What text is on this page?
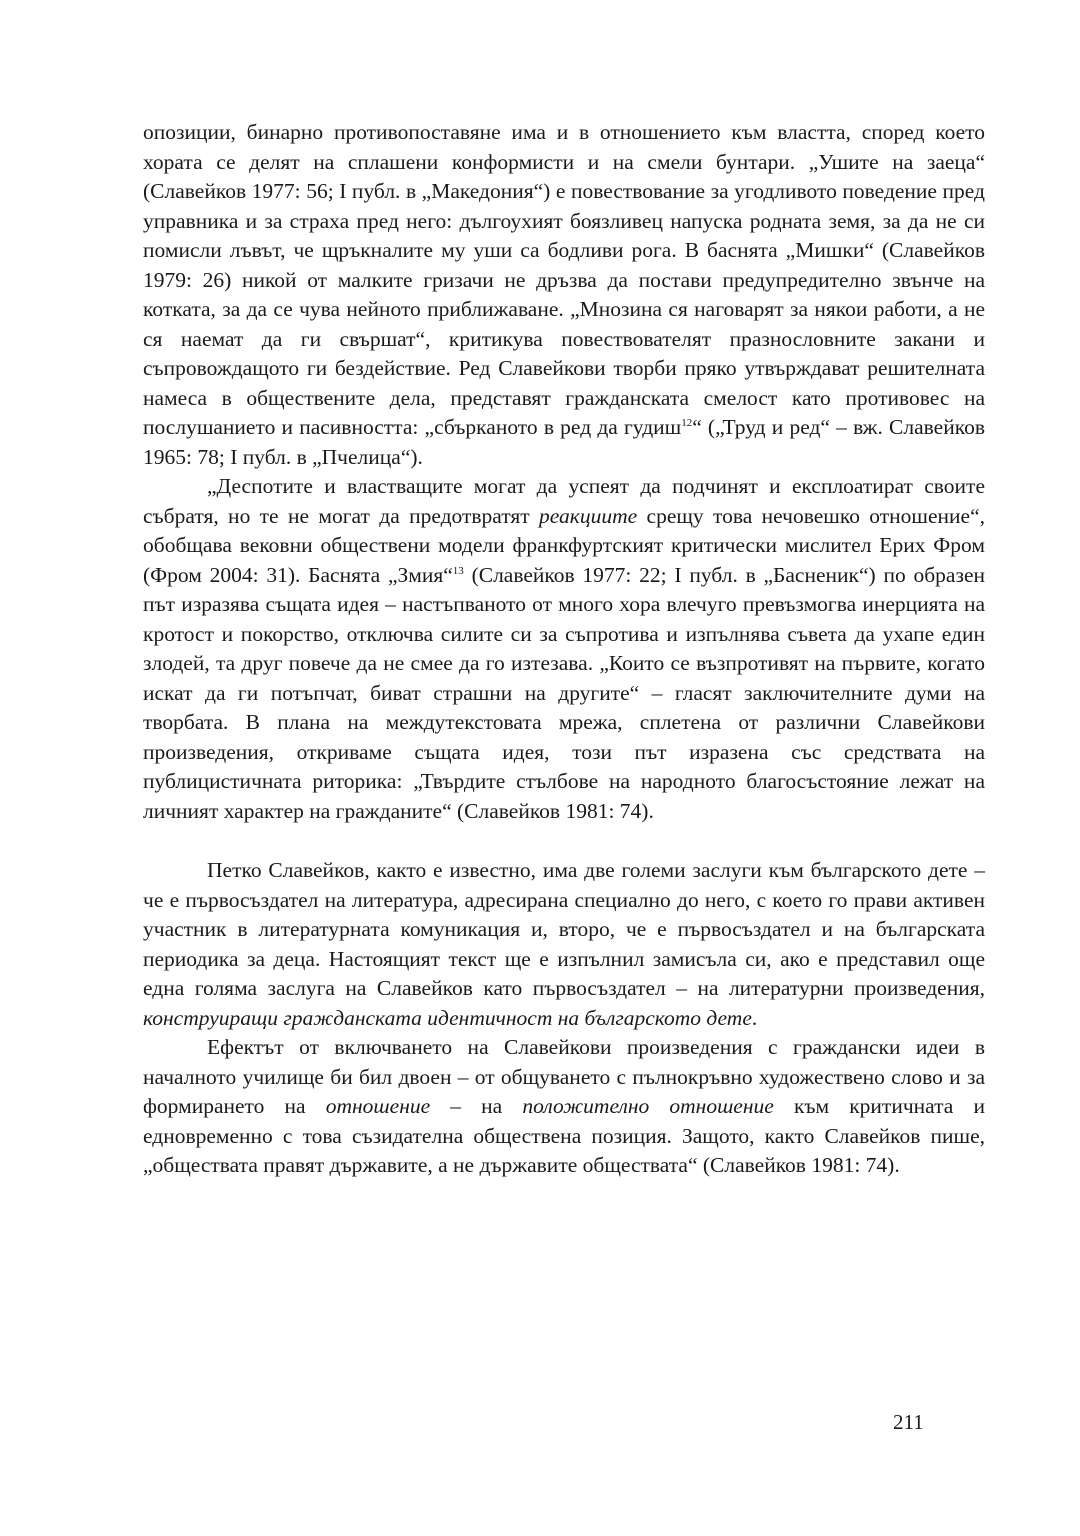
опозиции, бинарно противопоставяне има и в отношението към властта, според което хората се делят на сплашени конформисти и на смели бунтари. „Ушите на заеца“ (Славейков 1977: 56; I публ. в „Македония“) е повествование за угодливото поведение пред управника и за страха пред него: дългоухият боязливец напуска родната земя, за да не си помисли лъвът, че щръкналите му уши са бодливи рога. В баснята „Мишки“ (Славейков 1979: 26) никой от малките гризачи не дръзва да постави предупредително звънче на котката, за да се чува нейното приближаване. „Мнозина ся наговарят за някои работи, а не ся наемат да ги свършат“, критикува повествователят празнословните закани и съпровождащото ги бездействие. Ред Славейкови творби пряко утвърждават решителната намеса в обществените дела, представят гражданската смелост като противовес на послушанието и пасивността: „сбърканото в ред да гудиш$^{12}$“ („Труд и ред“ – вж. Славейков 1965: 78; I публ. в „Пчелица“).

„Деспотите и властващите могат да успеят да подчинят и експлоатират своите събратя, но те не могат да предотвратят реакциите срещу това нечовешко отношение“, обобщава вековни обществени модели франкфуртският критически мислител Ерих Фром (Фром 2004: 31). Баснята „Змия“$^{13}$ (Славейков 1977: 22; I публ. в „Басненик“) по образен път изразява същата идея – настъпваното от много хора влечуго превъзмогва инерцията на кротост и покорство, отключва силите си за съпротива и изпълнява съвета да ухапе един злодей, та друг повече да не смее да го изтезава. „Които се възпротивят на първите, когато искат да ги потъпчат, биват страшни на другите“ – гласят заключителните думи на творбата. В плана на междутекстовата мрежа, сплетена от различни Славейкови произведения, откриваме същата идея, този път изразена със средствата на публицистичната риторика: „Твърдите стълбове на народното благосъстояние лежат на личният характер на гражданите“ (Славейков 1981: 74).

Петко Славейков, както е известно, има две големи заслуги към българското дете – че е първосъздател на литература, адресирана специално до него, с което го прави активен участник в литературната комуникация и, второ, че е първосъздател и на българската периодика за деца. Настоящият текст ще е изпълнил замисъла си, ако е представил още една голяма заслуга на Славейков като първосъздател – на литературни произведения, конструиращи гражданската идентичност на българското дете.

Ефектът от включването на Славейкови произведения с граждански идеи в началното училище би бил двоен – от общуването с пълнокръвно художествено слово и за формирането на отношение – на положително отношение към критичната и едновременно с това съзидателна обществена позиция. Защото, както Славейков пише, „обществата правят държавите, а не държавите обществата“ (Славейков 1981: 74).

211
